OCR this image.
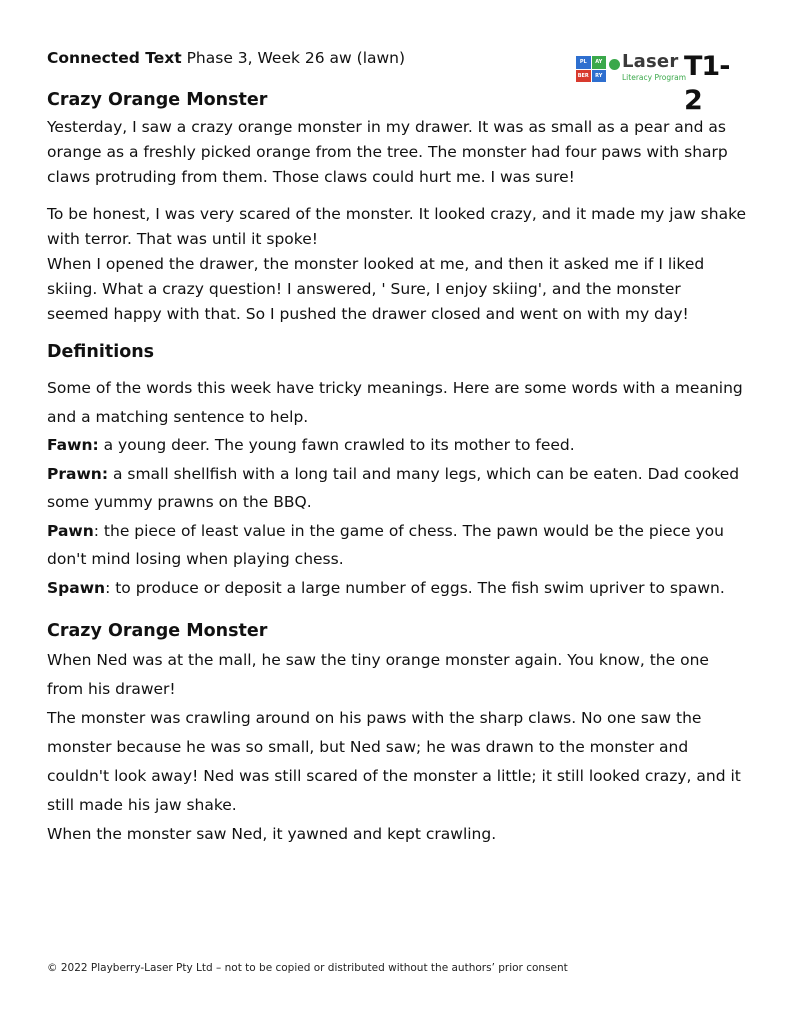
PL	AY
BER	RY
Laser
Literacy Program
T1-2
Connected Text Phase 3, Week 26 aw (lawn)
Crazy Orange Monster

Yesterday, I saw a crazy orange monster in my drawer. It was as small as a pear and as orange as a freshly picked orange from the tree. The monster had four paws with sharp claws protruding from them. Those claws could hurt me. I was sure!

To be honest, I was very scared of the monster. It looked crazy, and it made my jaw shake with terror. That was until it spoke!

When I opened the drawer, the monster looked at me, and then it asked me if I liked skiing. What a crazy question! I answered, ' Sure, I enjoy skiing', and the monster seemed happy with that. So I pushed the drawer closed and went on with my day!

Definitions

Some of the words this week have tricky meanings. Here are some words with a meaning and a matching sentence to help.

Fawn: a young deer. The young fawn crawled to its mother to feed.

Prawn: a small shellfish with a long tail and many legs, which can be eaten. Dad cooked some yummy prawns on the BBQ.

Pawn: the piece of least value in the game of chess. The pawn would be the piece you don't mind losing when playing chess.

Spawn: to produce or deposit a large number of eggs. The fish swim upriver to spawn.

Crazy Orange Monster

When Ned was at the mall, he saw the tiny orange monster again. You know, the one from his drawer!

The monster was crawling around on his paws with the sharp claws. No one saw the monster because he was so small, but Ned saw; he was drawn to the monster and couldn't look away! Ned was still scared of the monster a little; it still looked crazy, and it still made his jaw shake.

When the monster saw Ned, it yawned and kept crawling.

© 2022 Playberry-Laser Pty Ltd – not to be copied or distributed without the authors’ prior consent
